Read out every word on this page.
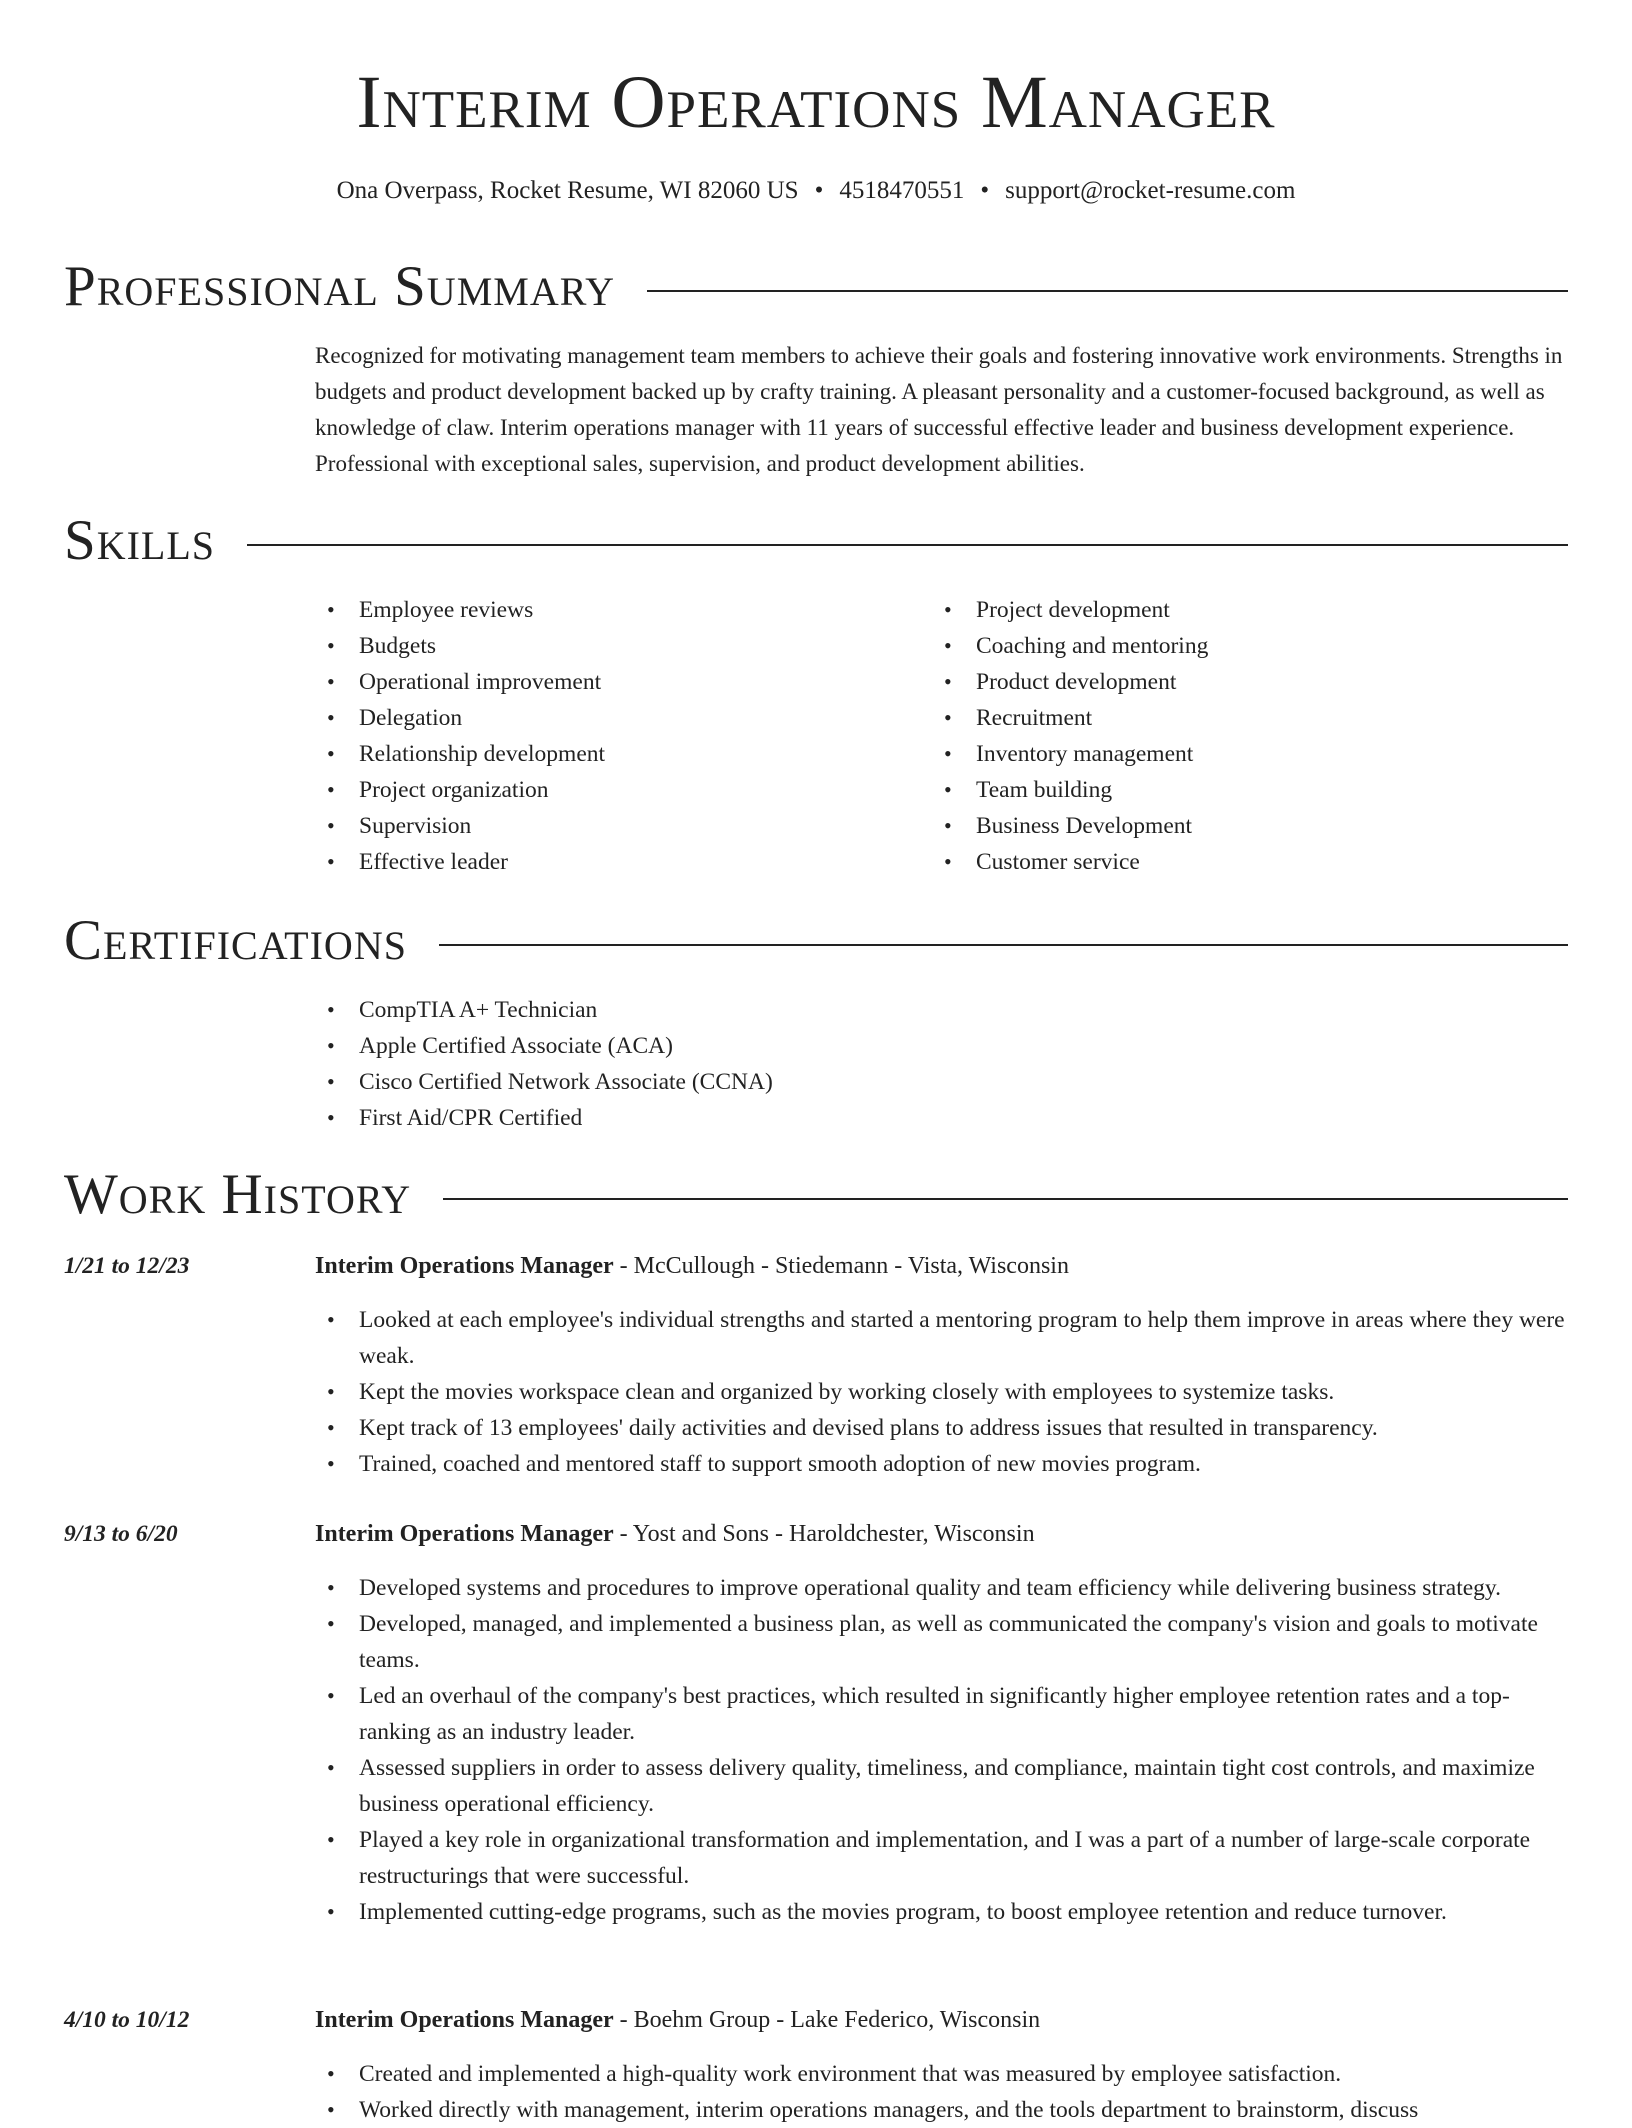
Interim Operations Manager
Ona Overpass, Rocket Resume, WI 82060 US • 4518470551 • support@rocket-resume.com
Professional Summary

Recognized for motivating management team members to achieve their goals and fostering innovative work environments. Strengths in budgets and product development backed up by crafty training. A pleasant personality and a customer-focused background, as well as knowledge of claw. Interim operations manager with 11 years of successful effective leader and business development experience. Professional with exceptional sales, supervision, and product development abilities.

Skills
• Employee reviews
• Budgets
• Operational improvement
• Delegation
• Relationship development
• Project organization
• Supervision
• Effective leader
• Project development
• Coaching and mentoring
• Product development
• Recruitment
• Inventory management
• Team building
• Business Development
• Customer service
Certifications
• CompTIA A+ Technician
• Apple Certified Associate (ACA)
• Cisco Certified Network Associate (CCNA)
• First Aid/CPR Certified
Work History
1/21 to 12/23	Interim Operations Manager - McCullough - Stiedemann - Vista, Wisconsin
• Looked at each employee's individual strengths and started a mentoring program to help them improve in areas where they were weak.
• Kept the movies workspace clean and organized by working closely with employees to systemize tasks.
• Kept track of 13 employees' daily activities and devised plans to address issues that resulted in transparency.
• Trained, coached and mentored staff to support smooth adoption of new movies program.
9/13 to 6/20	Interim Operations Manager - Yost and Sons - Haroldchester, Wisconsin
• Developed systems and procedures to improve operational quality and team efficiency while delivering business strategy.
• Developed, managed, and implemented a business plan, as well as communicated the company's vision and goals to motivate teams.
• Led an overhaul of the company's best practices, which resulted in significantly higher employee retention rates and a top-ranking as an industry leader.
• Assessed suppliers in order to assess delivery quality, timeliness, and compliance, maintain tight cost controls, and maximize business operational efficiency.
• Played a key role in organizational transformation and implementation, and I was a part of a number of large-scale corporate restructurings that were successful.
• Implemented cutting-edge programs, such as the movies program, to boost employee retention and reduce turnover.
4/10 to 10/12	Interim Operations Manager - Boehm Group - Lake Federico, Wisconsin
• Created and implemented a high-quality work environment that was measured by employee satisfaction.
• Worked directly with management, interim operations managers, and the tools department to brainstorm, discuss
